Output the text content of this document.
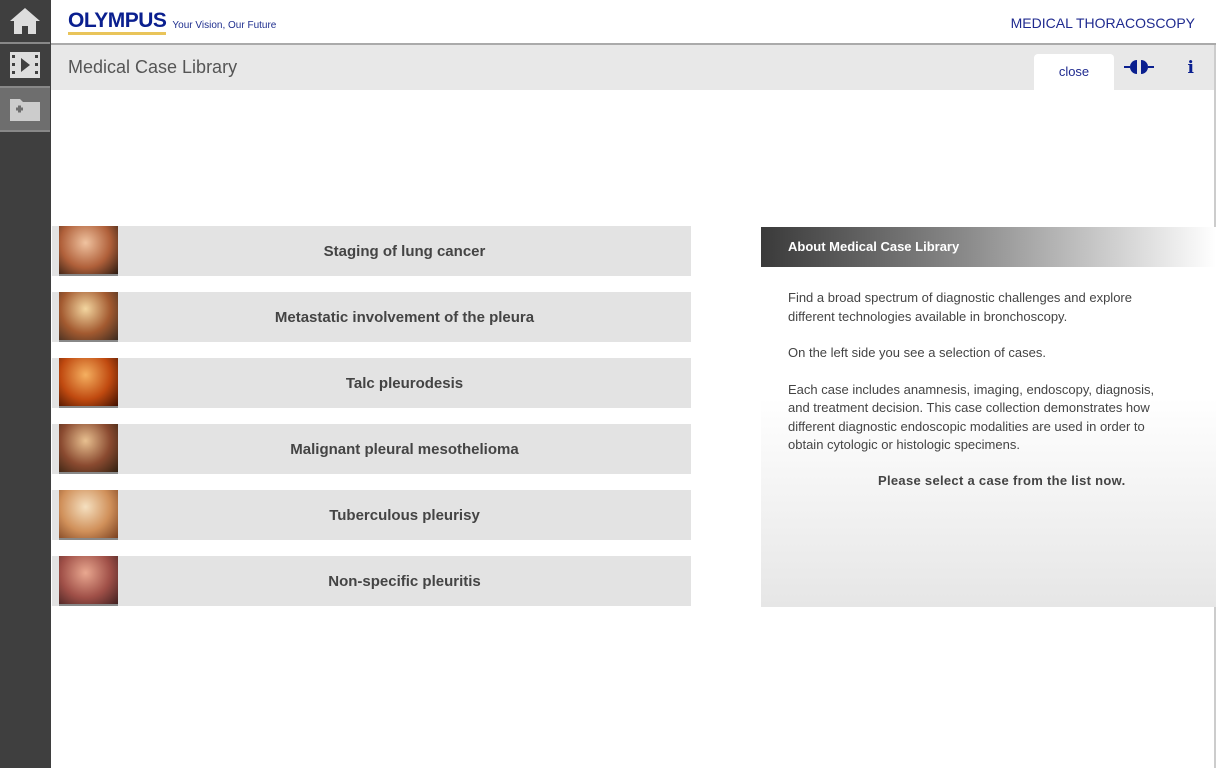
OLYMPUS Your Vision, Our Future	MEDICAL THORACOSCOPY
Medical Case Library	close	i
Staging of lung cancer
Metastatic involvement of the pleura
Talc pleurodesis
Malignant pleural mesothelioma
Tuberculous pleurisy
Non-specific pleuritis
About Medical Case Library

Find a broad spectrum of diagnostic challenges and explore different technologies available in bronchoscopy.

On the left side you see a selection of cases.

Each case includes anamnesis, imaging, endoscopy, diagnosis, and treatment decision. This case collection demonstrates how different diagnostic endoscopic modalities are used in order to obtain cytologic or histologic specimens.

Please select a case from the list now.
